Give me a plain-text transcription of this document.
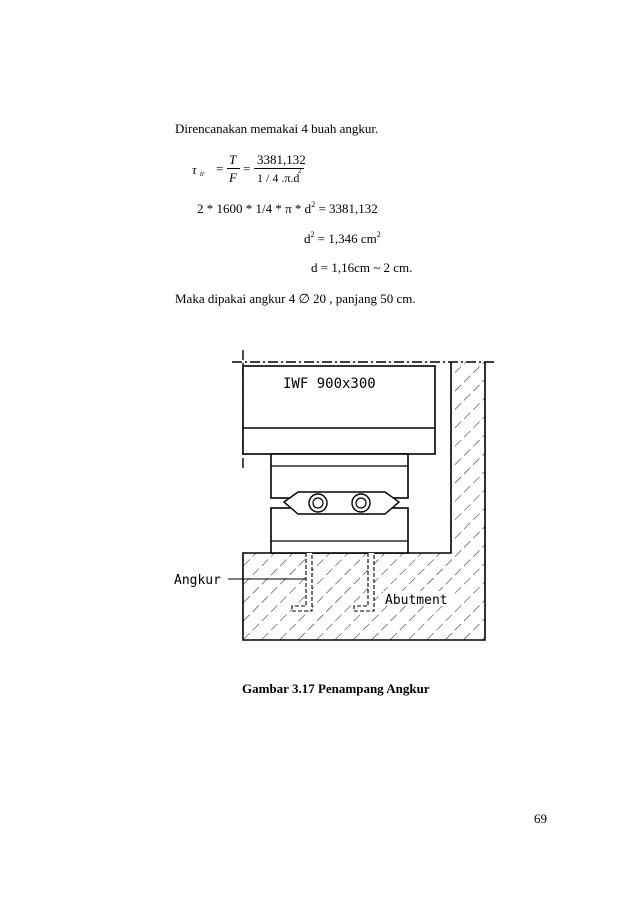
Direncanakan memakai 4 buah angkur.
τ tr =
T
F
=
3381,132
1 / 4 .π.d
2
$2 * 1600 * 1/4 * \pi * d^2 = 3381,132$
$d^2 = 1,346$ $cm^2$
d = 1,16cm ~ 2 cm.
Maka dipakai angkur 4 ∅ 20 , panjang 50 cm.
IWF 900x300
Angkur
Abutment
Gambar 3.17 Penampang Angkur
69
